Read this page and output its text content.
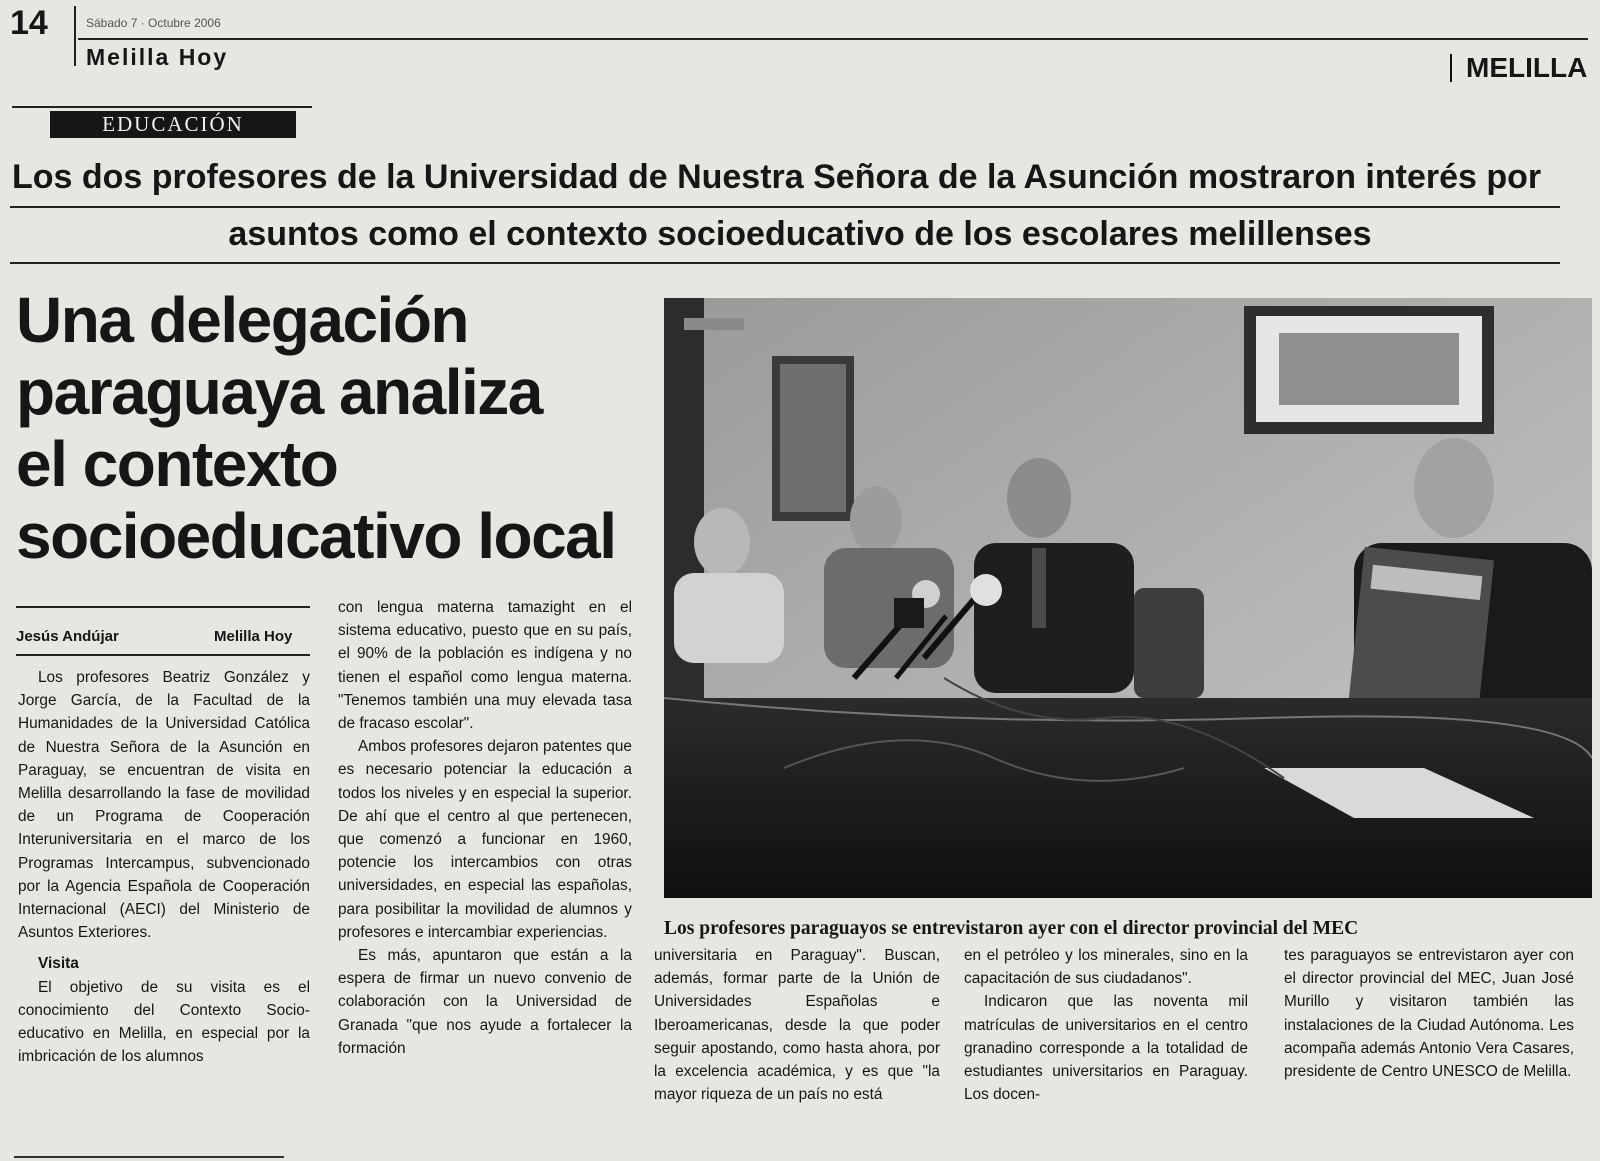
14	Sábado 7 · Octubre 2006
Melilla Hoy	MELILLA
EDUCACIÓN
Los dos profesores de la Universidad de Nuestra Señora de la Asunción mostraron interés por
asuntos como el contexto socioeducativo de los escolares melillenses
Una delegación
paraguaya analiza
el contexto
socioeducativo local
Los profesores paraguayos se entrevistaron ayer con el director provincial del MEC
Jesús Andújar	Melilla Hoy

Los profesores Beatriz González y Jorge García, de la Facultad de la Humanidades de la Universidad Católica de Nuestra Señora de la Asunción en Paraguay, se encuentran de visita en Melilla desarrollando la fase de movilidad de un Programa de Cooperación Interuniversitaria en el marco de los Programas Intercampus, subvencionado por la Agencia Española de Cooperación Internacional (AECI) del Ministerio de Asuntos Exteriores.

Visita

El objetivo de su visita es el conocimiento del Contexto Socio-educativo en Melilla, en especial por la imbricación de los alumnos

con lengua materna tamazight en el sistema educativo, puesto que en su país, el 90% de la población es indígena y no tienen el español como lengua materna. "Tenemos también una muy elevada tasa de fracaso escolar".

Ambos profesores dejaron patentes que es necesario potenciar la educación a todos los niveles y en especial la superior. De ahí que el centro al que pertenecen, que comenzó a funcionar en 1960, potencie los intercambios con otras universidades, en especial las españolas, para posibilitar la movilidad de alumnos y profesores e intercambiar experiencias.

Es más, apuntaron que están a la espera de firmar un nuevo convenio de colaboración con la Universidad de Granada "que nos ayude a fortalecer la formación

universitaria en Paraguay". Buscan, además, formar parte de la Unión de Universidades Españolas e Iberoamericanas, desde la que poder seguir apostando, como hasta ahora, por la excelencia académica, y es que "la mayor riqueza de un país no está

en el petróleo y los minerales, sino en la capacitación de sus ciudadanos".

Indicaron que las noventa mil matrículas de universitarios en el centro granadino corresponde a la totalidad de estudiantes universitarios en Paraguay. Los docen-

tes paraguayos se entrevistaron ayer con el director provincial del MEC, Juan José Murillo y visitaron también las instalaciones de la Ciudad Autónoma. Les acompaña además Antonio Vera Casares, presidente de Centro UNESCO de Melilla.
